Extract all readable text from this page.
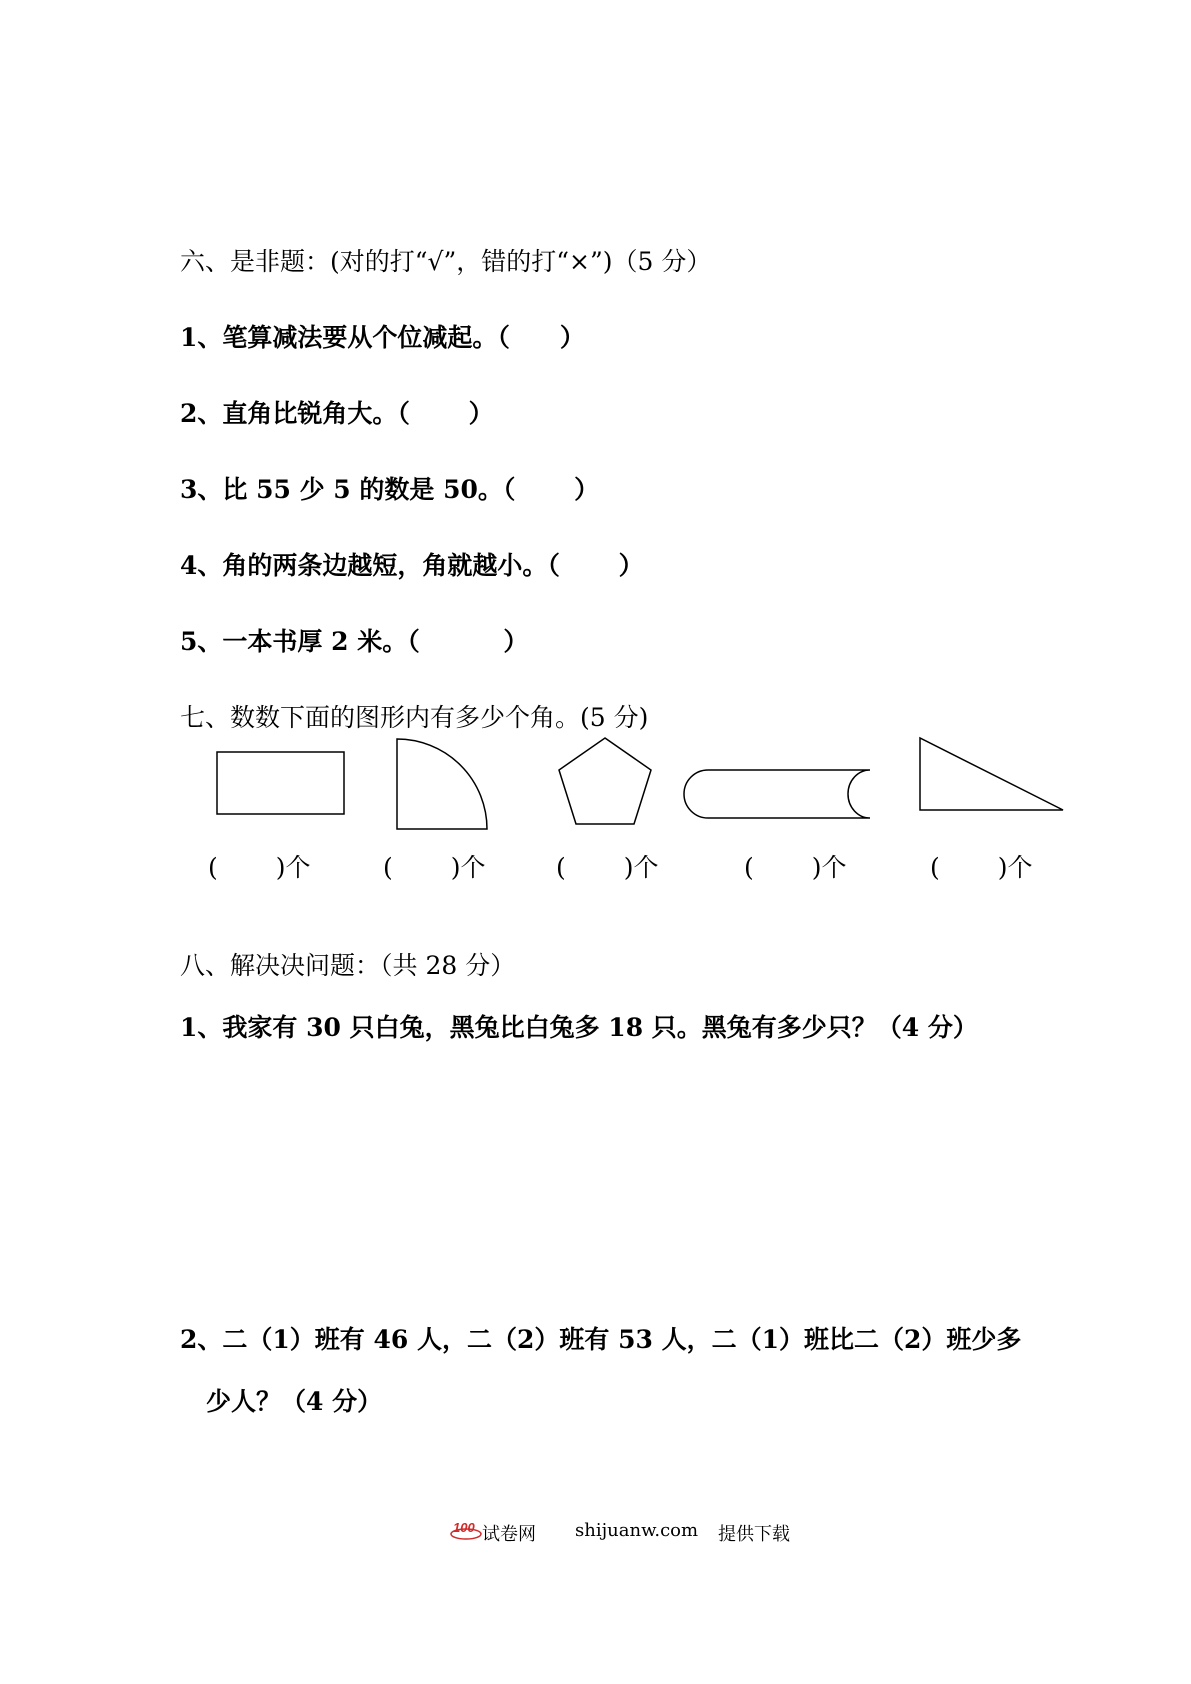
六、是非题：(对的打“√”，错的打“×”)（5 分）
1、笔算减法要从个位减起。（　　）
2、直角比锐角大。（　　 ）
3、比 55 少 5 的数是 50。（　　 ）
4、角的两条边越短，角就越小。（　　 ）
5、一本书厚 2 米。（　　　 ）
七、数数下面的图形内有多少个角。(5 分)
(　　 )个	(　　 )个	(　　 )个	(　　 )个	(　　 )个
八、解决决问题：（共 28 分）
1、我家有 30 只白兔，黑兔比白兔多 18 只。黑兔有多少只？（4 分）
2、二（1）班有 46 人，二（2）班有 53 人，二（1）班比二（2）班少多
少人？（4 分）
100 试卷网 shijuanw.com 提供下载
